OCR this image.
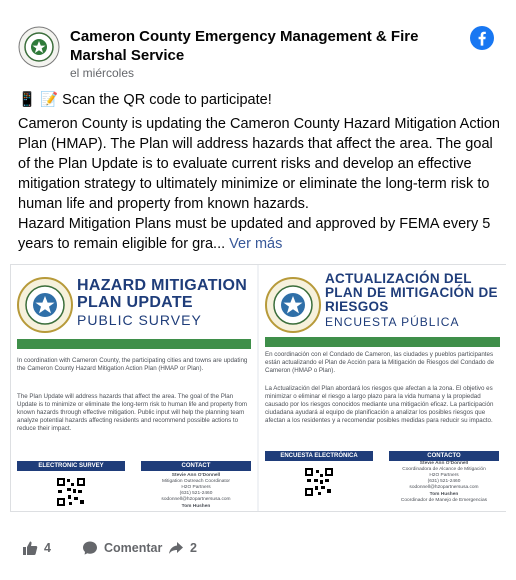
Cameron County Emergency Management & Fire Marshal Service
el miércoles
📱 📝 Scan the QR code to participate!
Cameron County is updating the Cameron County Hazard Mitigation Action Plan (HMAP). The Plan will address hazards that affect the area. The goal of the Plan Update is to evaluate current risks and develop an effective mitigation strategy to ultimately minimize or eliminate the long-term risk to human life and property from known hazards.
Hazard Mitigation Plans must be updated and approved by FEMA every 5 years to remain eligible for gra... Ver más
HAZARD MITIGATION
PLAN UPDATE
PUBLIC SURVEY
In coordination with Cameron County, the participating cities and towns are updating the Cameron County Hazard Mitigation Action Plan (HMAP or Plan).
The Plan Update will address hazards that affect the area. The goal of the Plan Update is to minimize or eliminate the long-term risk to human life and property from known hazards through effective mitigation. Public input will help the planning team analyze potential hazards affecting residents and recommend possible actions to reduce their impact.
ELECTRONIC SURVEY	CONTACT
Stevie Ann O'Donnell
Mitigation Outreach Coordinator
H2O Partners
(631) 521-2460
sodonnell@h2opartnersusa.com
Tom Hushen
ACTUALIZACIÓN DEL
PLAN DE MITIGACIÓN DE
RIESGOS
ENCUESTA PÚBLICA
En coordinación con el Condado de Cameron, las ciudades y pueblos participantes están actualizando el Plan de Acción para la Mitigación de Riesgos del Condado de Cameron (HMAP o Plan).
La Actualización del Plan abordará los riesgos que afectan a la zona. El objetivo es minimizar o eliminar el riesgo a largo plazo para la vida humana y la propiedad causado por los riesgos conocidos mediante una mitigación eficaz. La participación ciudadana ayudará al equipo de planificación a analizar los posibles riesgos que afectan a los residentes y a recomendar posibles medidas para reducir su impacto.
ENCUESTA ELECTRÓNICA	CONTACTO
Stevie Ann O'Donnell
Coordinadora de Alcance de Mitigación
H2O Partners
(631) 521-2460
sodonnell@h2opartnersusa.com
Tom Hushen
Coordinador de Manejo de Emergencias
4	Comentar 2
